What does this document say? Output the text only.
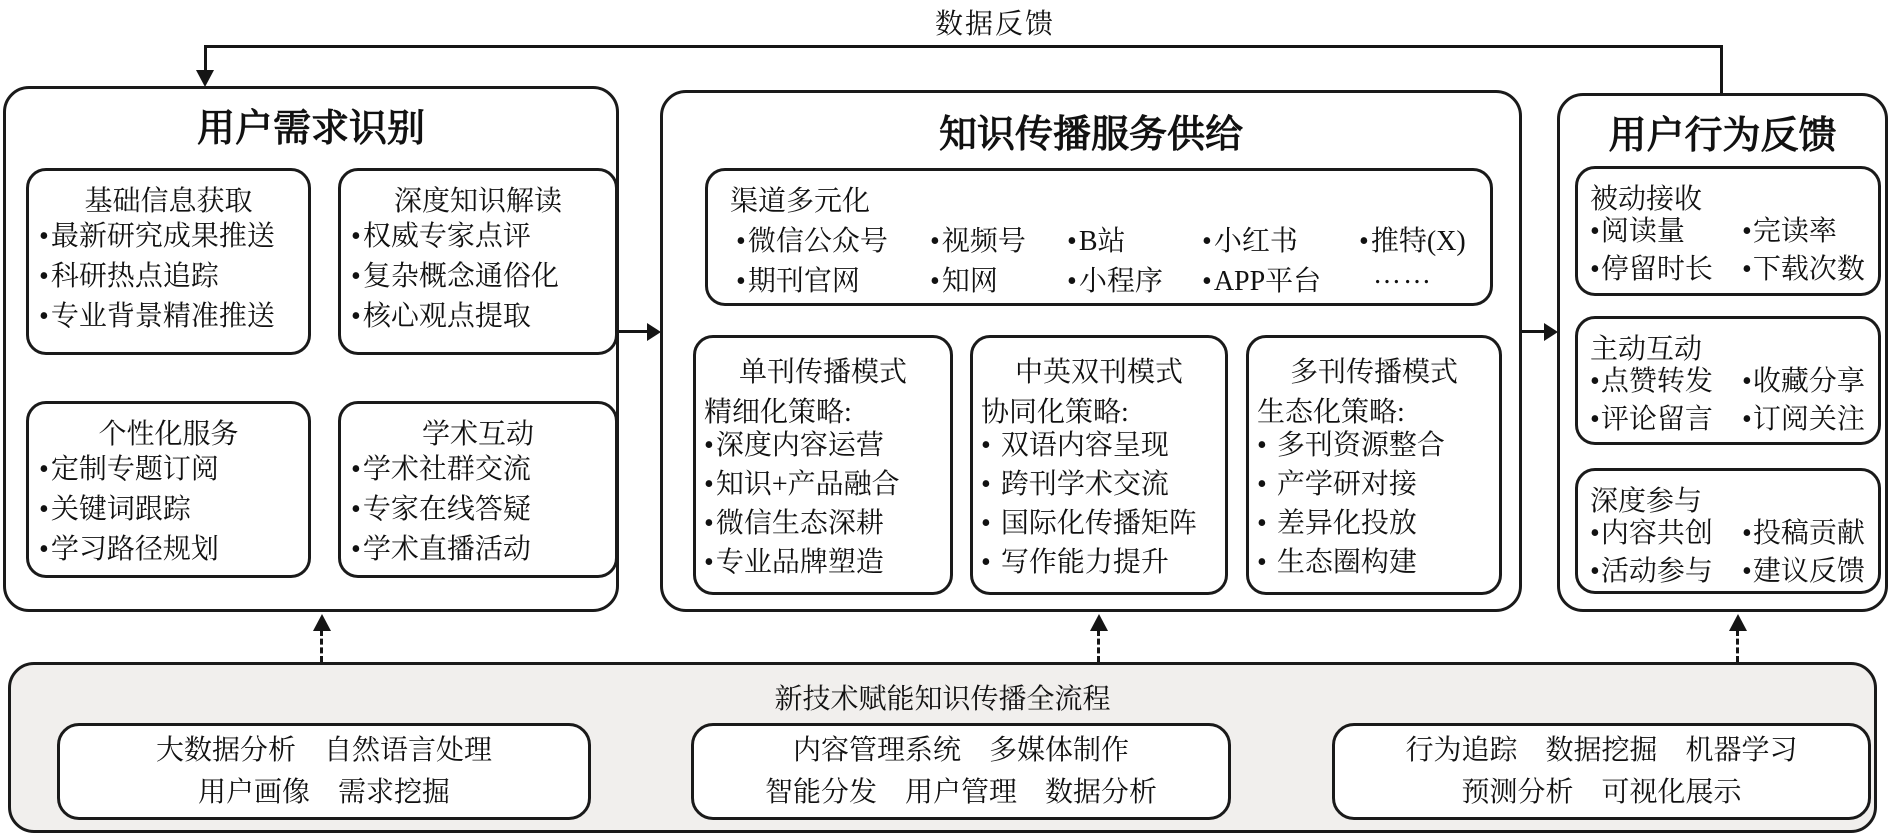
数据反馈
用户需求识别
基础信息获取
• 最新研究成果推送
• 科研热点追踪
• 专业背景精准推送
深度知识解读
• 权威专家点评
• 复杂概念通俗化
• 核心观点提取
个性化服务
• 定制专题订阅
• 关键词跟踪
• 学习路径规划
学术互动
• 学术社群交流
• 专家在线答疑
• 学术直播活动
知识传播服务供给
渠道多元化
• 微信公众号	• 视频号	• B站	• 小红书	• 推特(X)
• 期刊官网	• 知网	• 小程序	• APP平台	……
单刊传播模式
精细化策略:
• 深度内容运营
• 知识+产品融合
• 微信生态深耕
• 专业品牌塑造
中英双刊模式
协同化策略:
• 双语内容呈现
• 跨刊学术交流
• 国际化传播矩阵
• 写作能力提升
多刊传播模式
生态化策略:
• 多刊资源整合
• 产学研对接
• 差异化投放
• 生态圈构建
用户行为反馈
被动接收
• 阅读量	• 完读率
• 停留时长	• 下载次数
主动互动
• 点赞转发	• 收藏分享
• 评论留言	• 订阅关注
深度参与
• 内容共创	• 投稿贡献
• 活动参与	• 建议反馈
新技术赋能知识传播全流程
大数据分析　自然语言处理
用户画像　需求挖掘
内容管理系统　多媒体制作
智能分发　用户管理　数据分析
行为追踪　数据挖掘　机器学习
预测分析　可视化展示
